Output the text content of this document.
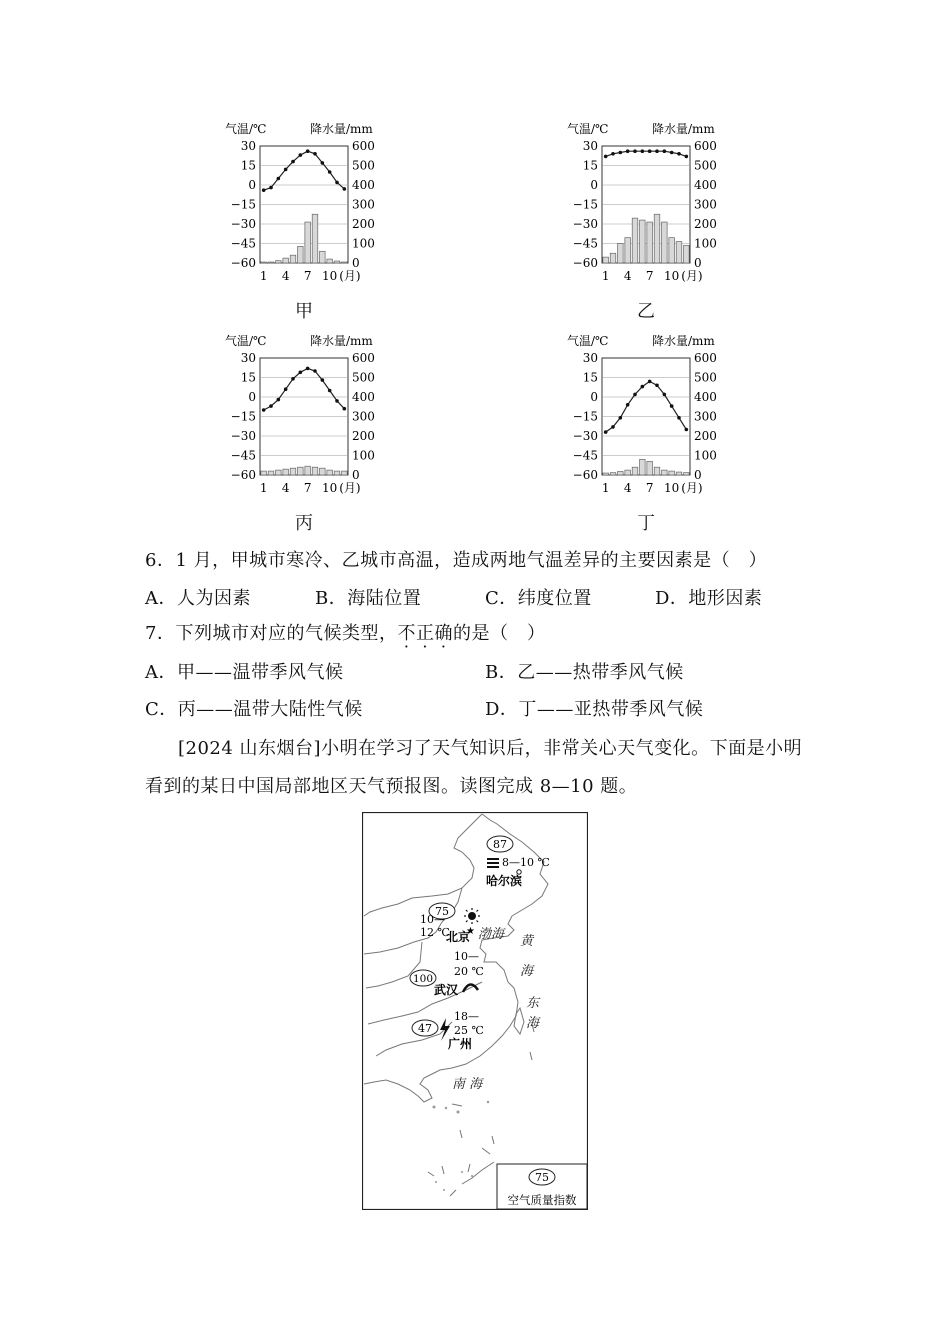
气温/℃	降水量/mm
30
15
0
−15
−30
−45
−60
600
500
400
300
200
100
0
1 4 7 10 (月)
甲
气温/℃	降水量/mm
30
15
0
−15
−30
−45
−60
600
500
400
300
200
100
0
1 4 7 10 (月)
乙
气温/℃	降水量/mm
30
15
0
−15
−30
−45
−60
600
500
400
300
200
100
0
1 4 7 10 (月)
丙
气温/℃	降水量/mm
30
15
0
−15
−30
−45
−60
600
500
400
300
200
100
0
1 4 7 10 (月)
丁
6．1 月，甲城市寒冷、乙城市高温，造成两地气温差异的主要因素是（　）
A．人为因素	B．海陆位置	C．纬度位置	D．地形因素
7．下列城市对应的气候类型，不正确的是（　）
A．甲——温带季风气候	B．乙——热带季风气候
C．丙——温带大陆性气候	D．丁——亚热带季风气候
[2024 山东烟台]小明在学习了天气知识后，非常关心天气变化。下面是小明
看到的某日中国局部地区天气预报图。读图完成 8—10 题。
渤海 黄
海
东
海
南 海
87
8—10 ℃
哈尔滨
75
10—
12 ℃ ★
北京
10—
20 ℃
100
武汉
18—
25 ℃
47
广州
75
空气质量指数
